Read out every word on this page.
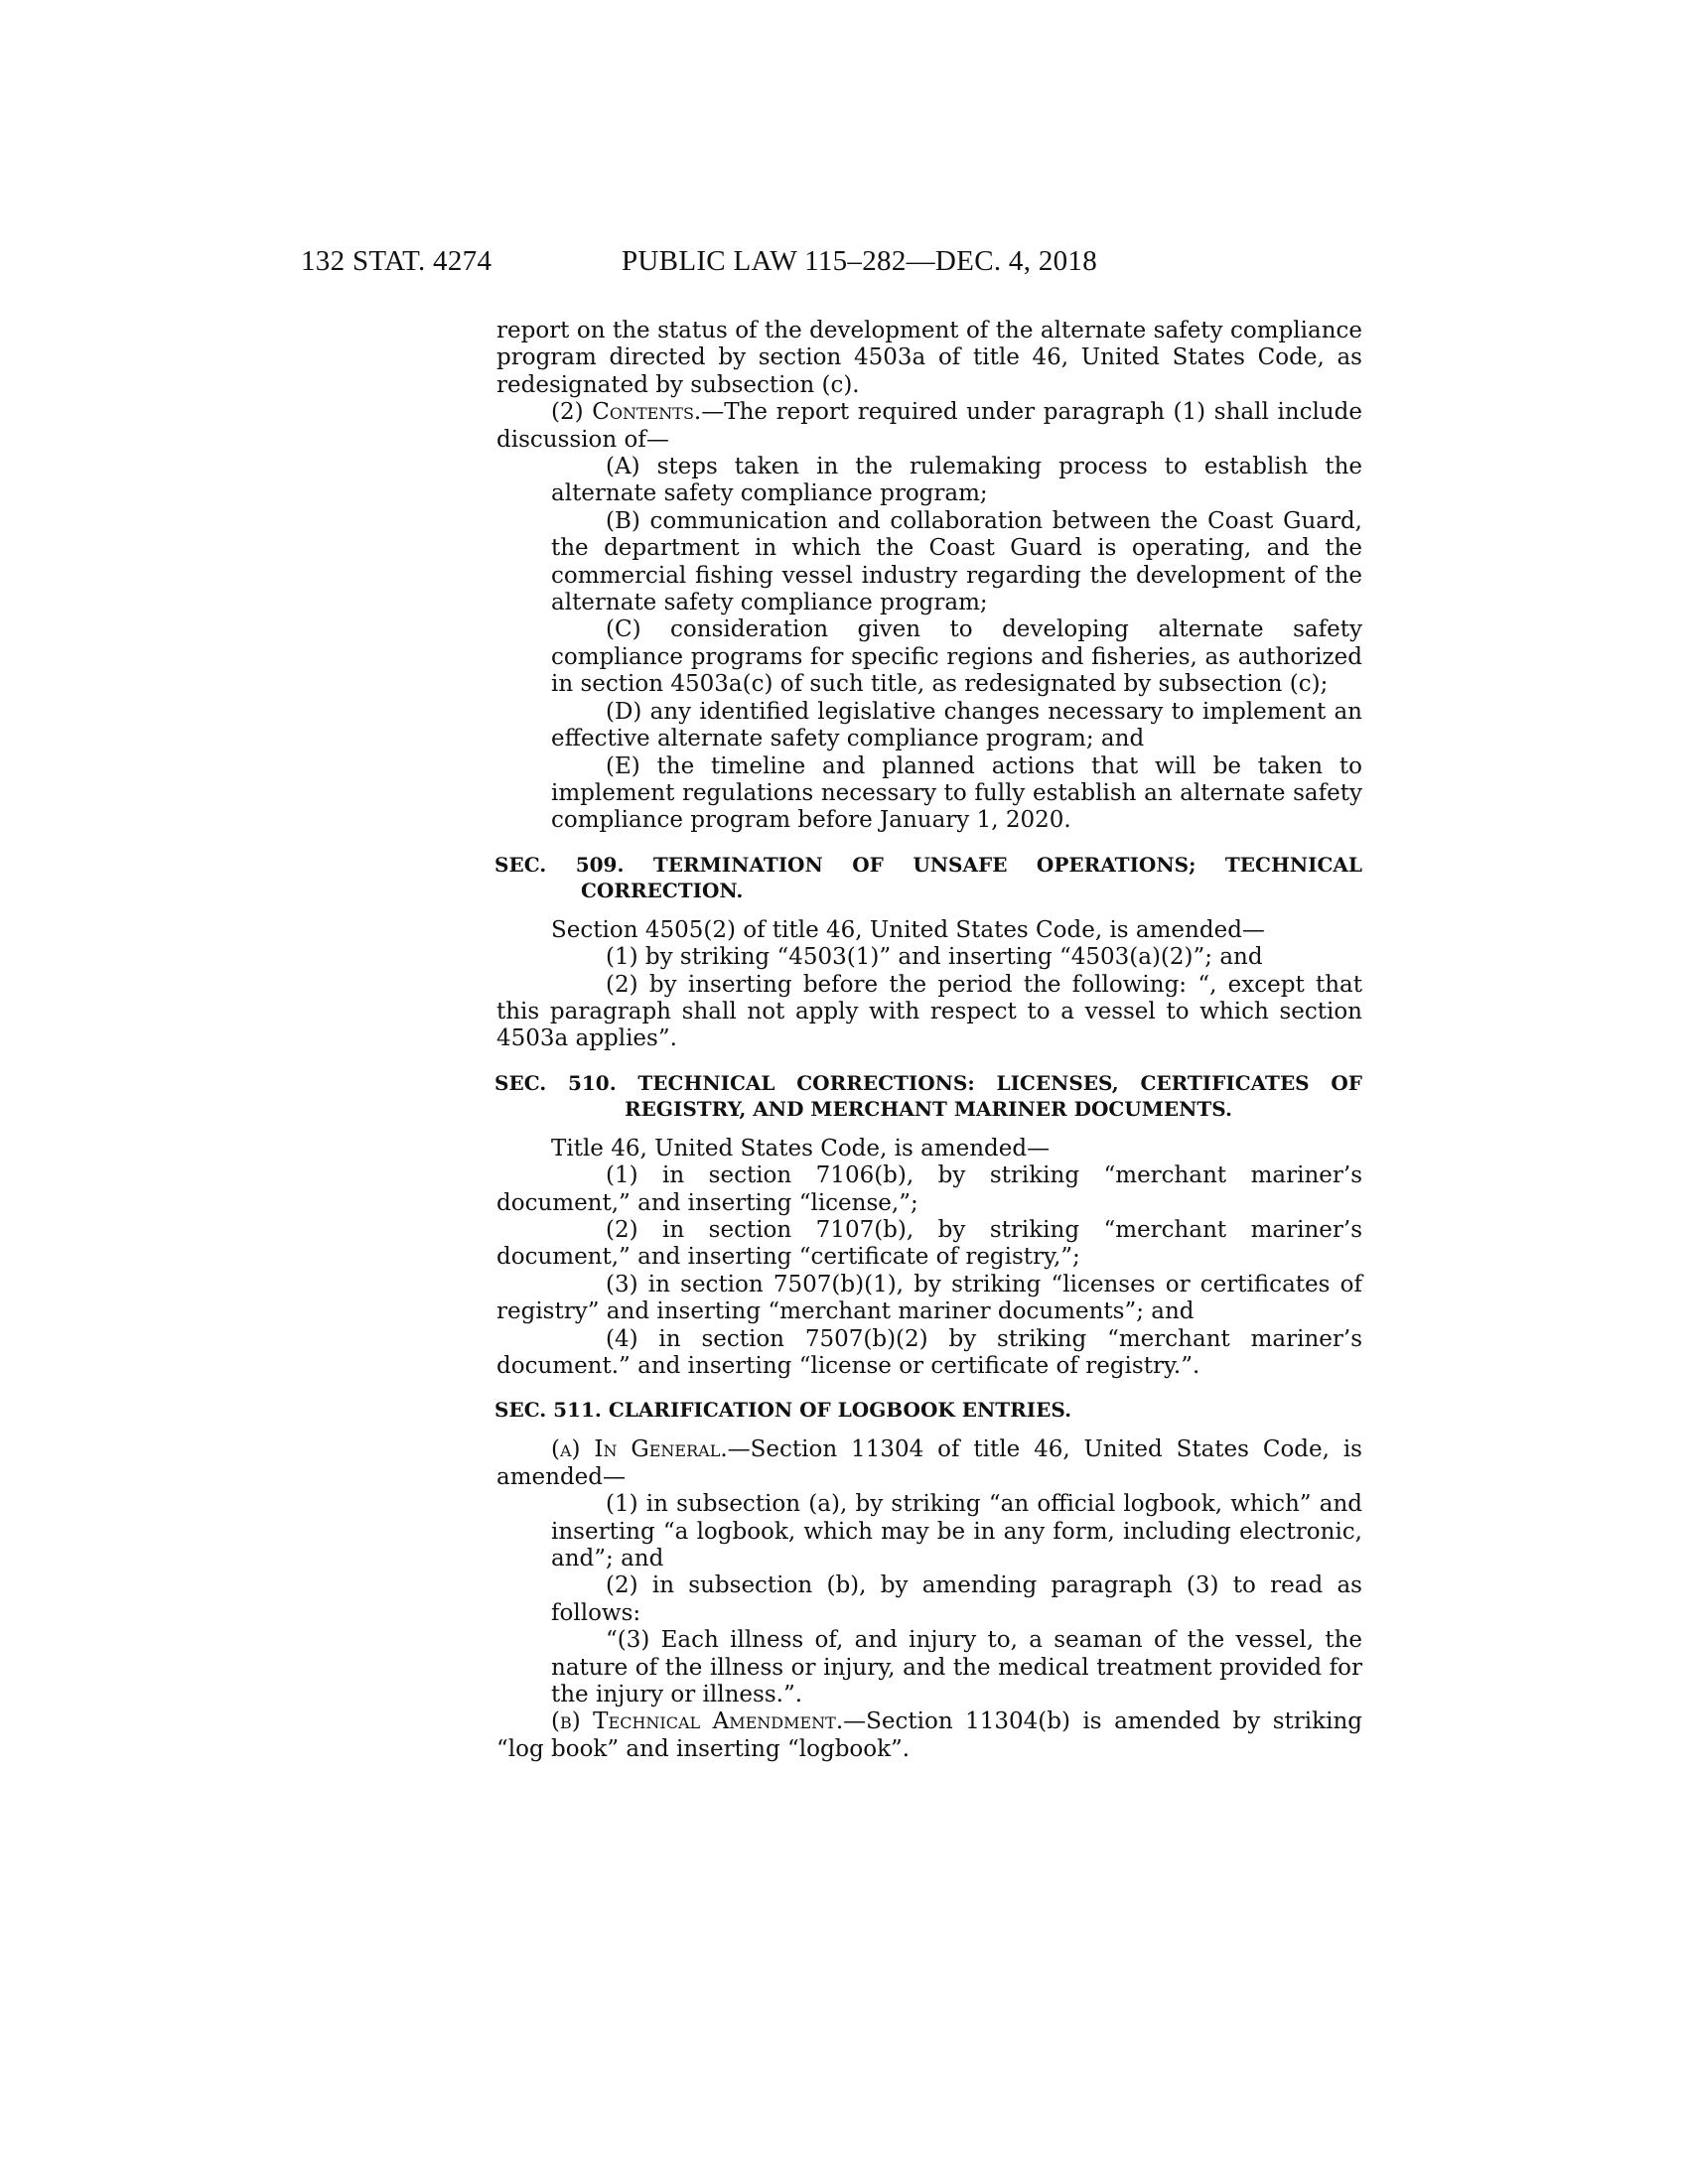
132 STAT. 4274	PUBLIC LAW 115–282—DEC. 4, 2018

report on the status of the development of the alternate safety compliance program directed by section 4503a of title 46, United States Code, as redesignated by subsection (c).

(2) Contents.—The report required under paragraph (1) shall include discussion of—

(A) steps taken in the rulemaking process to establish the alternate safety compliance program;

(B) communication and collaboration between the Coast Guard, the department in which the Coast Guard is operating, and the commercial fishing vessel industry regarding the development of the alternate safety compliance program;

(C) consideration given to developing alternate safety compliance programs for specific regions and fisheries, as authorized in section 4503a(c) of such title, as redesignated by subsection (c);

(D) any identified legislative changes necessary to implement an effective alternate safety compliance program; and

(E) the timeline and planned actions that will be taken to implement regulations necessary to fully establish an alternate safety compliance program before January 1, 2020.

SEC. 509. TERMINATION OF UNSAFE OPERATIONS; TECHNICAL
CORRECTION.

Section 4505(2) of title 46, United States Code, is amended—

(1) by striking “4503(1)” and inserting “4503(a)(2)”; and

(2) by inserting before the period the following: “, except that this paragraph shall not apply with respect to a vessel to which section 4503a applies”.

SEC. 510. TECHNICAL CORRECTIONS: LICENSES, CERTIFICATES OF
REGISTRY, AND MERCHANT MARINER DOCUMENTS.

Title 46, United States Code, is amended—

(1) in section 7106(b), by striking “merchant mariner’s document,” and inserting “license,”;

(2) in section 7107(b), by striking “merchant mariner’s document,” and inserting “certificate of registry,”;

(3) in section 7507(b)(1), by striking “licenses or certificates of registry” and inserting “merchant mariner documents”; and

(4) in section 7507(b)(2) by striking “merchant mariner’s document.” and inserting “license or certificate of registry.”.

SEC. 511. CLARIFICATION OF LOGBOOK ENTRIES.

(a) In General.—Section 11304 of title 46, United States Code, is amended—

(1) in subsection (a), by striking “an official logbook, which” and inserting “a logbook, which may be in any form, including electronic, and”; and

(2) in subsection (b), by amending paragraph (3) to read as follows:

“(3) Each illness of, and injury to, a seaman of the vessel, the nature of the illness or injury, and the medical treatment provided for the injury or illness.”.

(b) Technical Amendment.—Section 11304(b) is amended by striking “log book” and inserting “logbook”.
